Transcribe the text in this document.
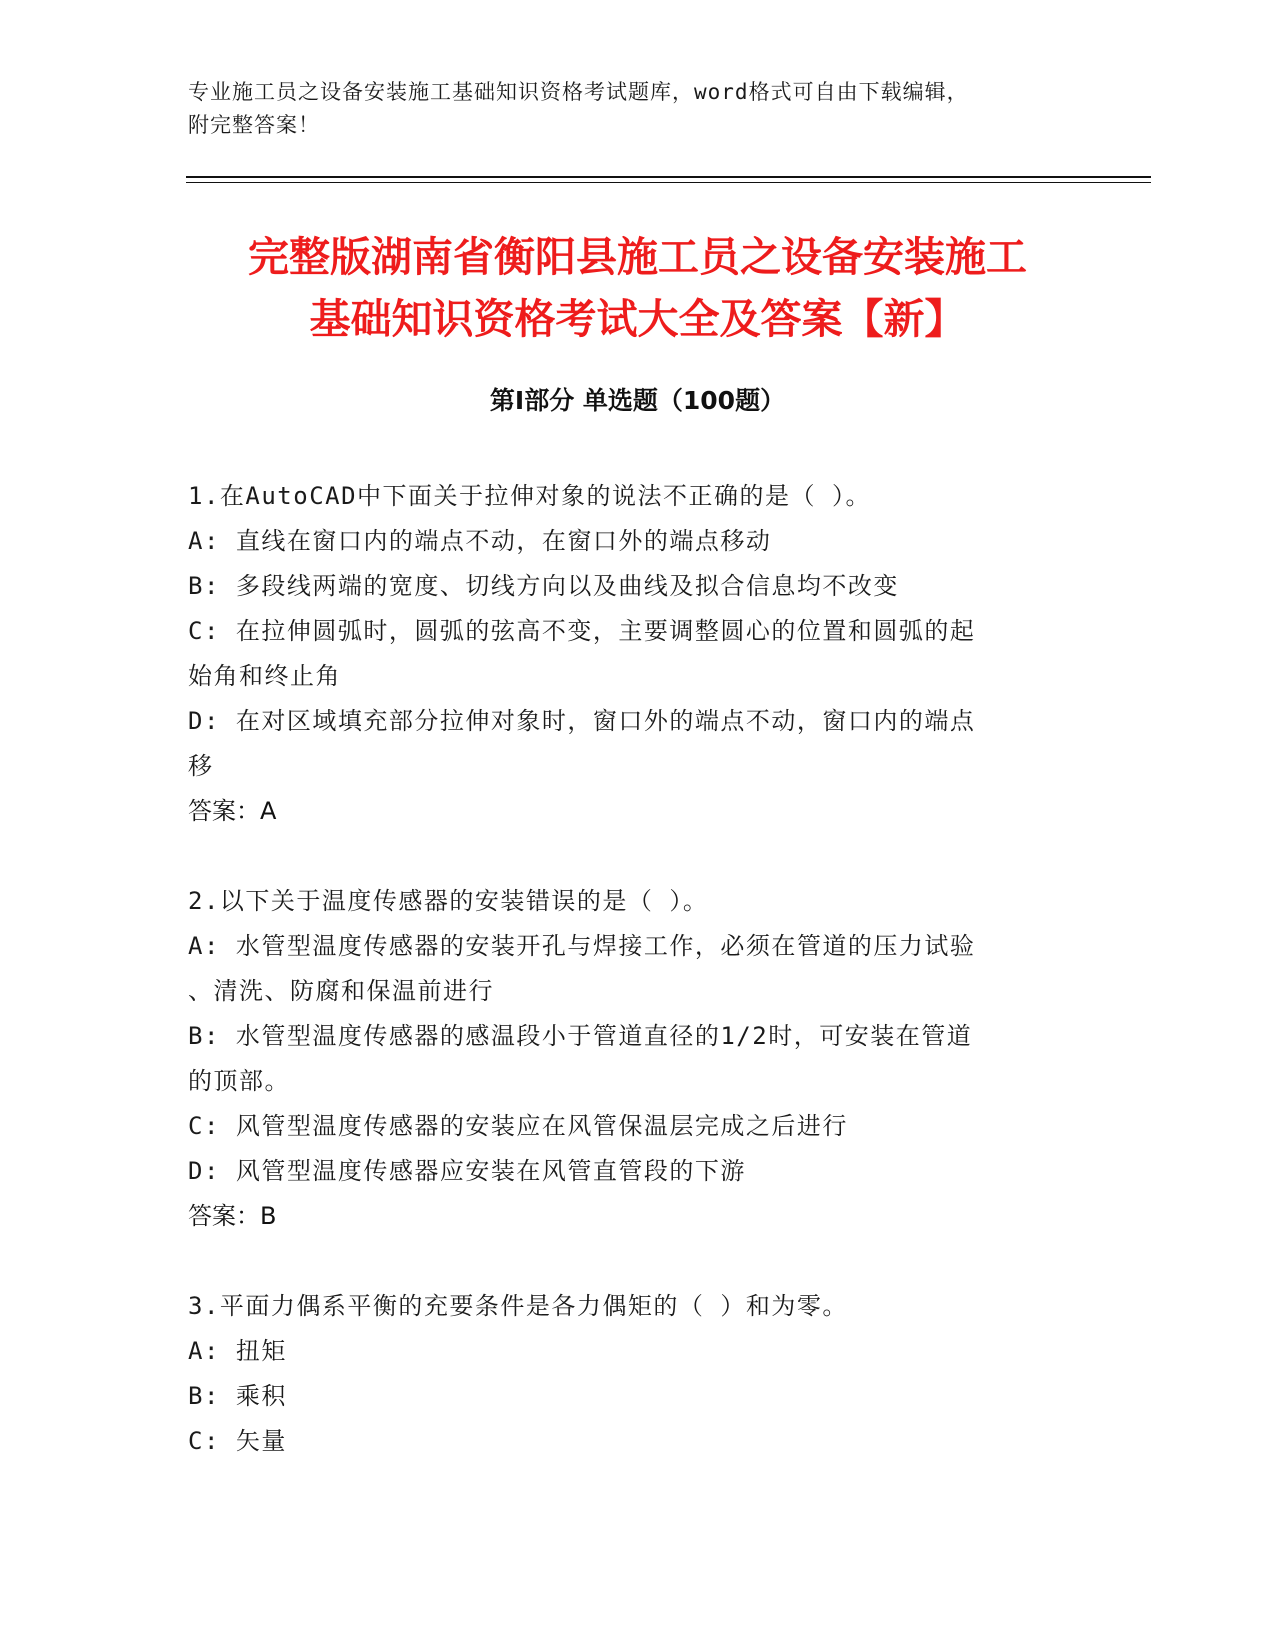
专业施工员之设备安装施工基础知识资格考试题库，word格式可自由下载编辑，
附完整答案！
完整版湖南省衡阳县施工员之设备安装施工
基础知识资格考试大全及答案【新】
第Ⅰ部分 单选题（100题）
1.在AutoCAD中下面关于拉伸对象的说法不正确的是（ ）。
A: 直线在窗口内的端点不动，在窗口外的端点移动
B: 多段线两端的宽度、切线方向以及曲线及拟合信息均不改变
C: 在拉伸圆弧时，圆弧的弦高不变，主要调整圆心的位置和圆弧的起
始角和终止角
D: 在对区域填充部分拉伸对象时，窗口外的端点不动，窗口内的端点
移
答案：A
2.以下关于温度传感器的安装错误的是（ ）。
A: 水管型温度传感器的安装开孔与焊接工作，必须在管道的压力试验
、清洗、防腐和保温前进行
B: 水管型温度传感器的感温段小于管道直径的1/2时，可安装在管道
的顶部。
C: 风管型温度传感器的安装应在风管保温层完成之后进行
D: 风管型温度传感器应安装在风管直管段的下游
答案：B
3.平面力偶系平衡的充要条件是各力偶矩的（ ）和为零。
A: 扭矩
B: 乘积
C: 矢量
